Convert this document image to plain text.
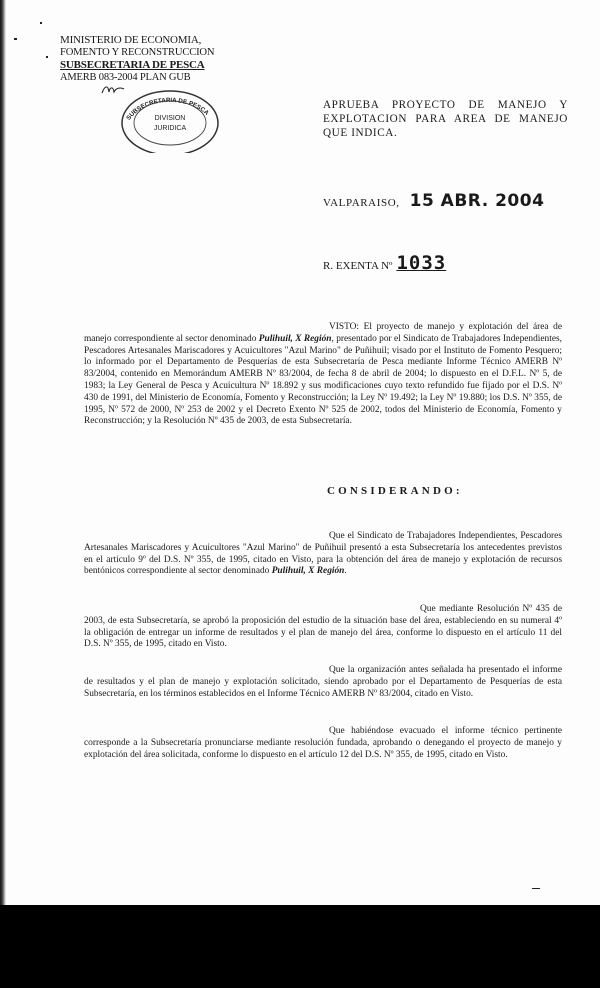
MINISTERIO DE ECONOMIA,
FOMENTO Y RECONSTRUCCION
SUBSECRETARIA DE PESCA
AMERB 083-2004 PLAN GUB
SUBSECRETARIA DE PESCA
DIVISION
JURIDICA
APRUEBA PROYECTO DE MANEJO Y EXPLOTACION PARA AREA DE MANEJO QUE INDICA.
VALPARAISO, 15 ABR. 2004
R. EXENTA Nº 1033
VISTO: El proyecto de manejo y explotación del área de manejo correspondiente al sector denominado Pulihuil, X Región, presentado por el Sindicato de Trabajadores Independientes, Pescadores Artesanales Mariscadores y Acuicultores "Azul Marino" de Puñihuil; visado por el Instituto de Fomento Pesquero; lo informado por el Departamento de Pesquerías de esta Subsecretaría de Pesca mediante Informe Técnico AMERB Nº 83/2004, contenido en Memorándum AMERB Nº 83/2004, de fecha 8 de abril de 2004; lo dispuesto en el D.F.L. Nº 5, de 1983; la Ley General de Pesca y Acuicultura Nº 18.892 y sus modificaciones cuyo texto refundido fue fijado por el D.S. Nº 430 de 1991, del Ministerio de Economía, Fomento y Reconstrucción; la Ley Nº 19.492; la Ley Nº 19.880; los D.S. Nº 355, de 1995, Nº 572 de 2000, Nº 253 de 2002 y el Decreto Exento Nº 525 de 2002, todos del Ministerio de Economía, Fomento y Reconstrucción; y la Resolución Nº 435 de 2003, de esta Subsecretaría.
CONSIDERANDO:
Que el Sindicato de Trabajadores Independientes, Pescadores Artesanales Mariscadores y Acuicultores "Azul Marino" de Puñihuil presentó a esta Subsecretaría los antecedentes previstos en el artículo 9º del D.S. Nº 355, de 1995, citado en Visto, para la obtención del área de manejo y explotación de recursos bentónicos correspondiente al sector denominado Pulihuil, X Región.
Que mediante Resolución Nº 435 de 2003, de esta Subsecretaría, se aprobó la proposición del estudio de la situación base del área, estableciendo en su numeral 4º la obligación de entregar un informe de resultados y el plan de manejo del área, conforme lo dispuesto en el artículo 11 del D.S. Nº 355, de 1995, citado en Visto.
Que la organización antes señalada ha presentado el informe de resultados y el plan de manejo y explotación solicitado, siendo aprobado por el Departamento de Pesquerías de esta Subsecretaría, en los términos establecidos en el Informe Técnico AMERB Nº 83/2004, citado en Visto.
Que habiéndose evacuado el informe técnico pertinente corresponde a la Subsecretaría pronunciarse mediante resolución fundada, aprobando o denegando el proyecto de manejo y explotación del área solicitada, conforme lo dispuesto en el artículo 12 del D.S. Nº 355, de 1995, citado en Visto.
